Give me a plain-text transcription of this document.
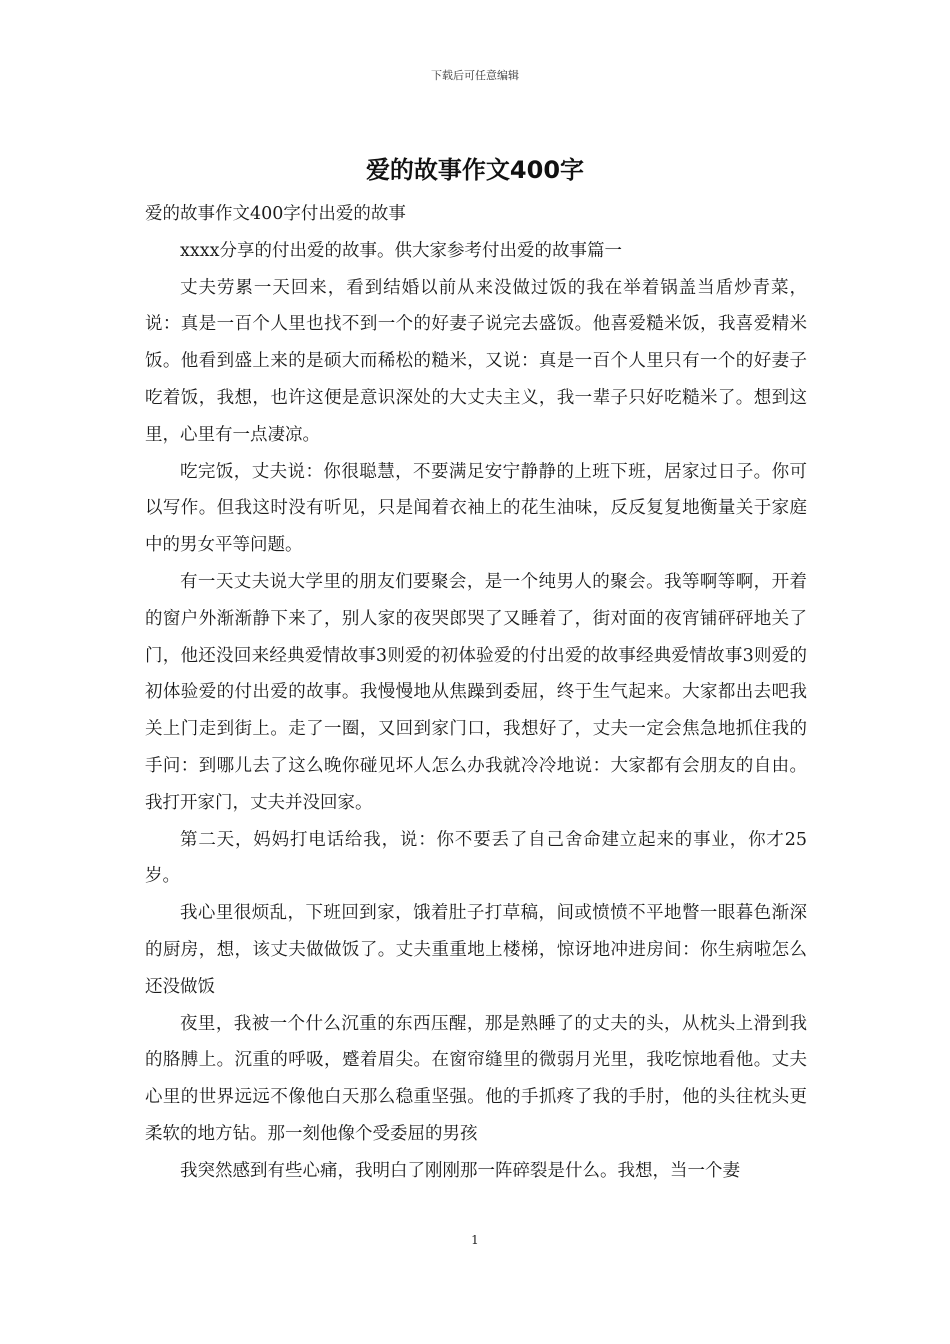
下载后可任意编辑
爱的故事作文400字

爱的故事作文400字付出爱的故事

xxxx分享的付出爱的故事。供大家参考付出爱的故事篇一

丈夫劳累一天回来，看到结婚以前从来没做过饭的我在举着锅盖当盾炒青菜，说：真是一百个人里也找不到一个的好妻子说完去盛饭。他喜爱糙米饭，我喜爱精米饭。他看到盛上来的是硕大而稀松的糙米，又说：真是一百个人里只有一个的好妻子吃着饭，我想，也许这便是意识深处的大丈夫主义，我一辈子只好吃糙米了。想到这里，心里有一点凄凉。

吃完饭，丈夫说：你很聪慧，不要满足安宁静静的上班下班，居家过日子。你可以写作。但我这时没有听见，只是闻着衣袖上的花生油味，反反复复地衡量关于家庭中的男女平等问题。

有一天丈夫说大学里的朋友们要聚会，是一个纯男人的聚会。我等啊等啊，开着的窗户外渐渐静下来了，别人家的夜哭郎哭了又睡着了，街对面的夜宵铺砰砰地关了门，他还没回来经典爱情故事3则爱的初体验爱的付出爱的故事经典爱情故事3则爱的初体验爱的付出爱的故事。我慢慢地从焦躁到委屈，终于生气起来。大家都出去吧我关上门走到街上。走了一圈，又回到家门口，我想好了，丈夫一定会焦急地抓住我的手问：到哪儿去了这么晚你碰见坏人怎么办我就冷冷地说：大家都有会朋友的自由。我打开家门，丈夫并没回家。

第二天，妈妈打电话给我，说：你不要丢了自己舍命建立起来的事业，你才25岁。

我心里很烦乱，下班回到家，饿着肚子打草稿，间或愤愤不平地瞥一眼暮色渐深的厨房，想，该丈夫做做饭了。丈夫重重地上楼梯，惊讶地冲进房间：你生病啦怎么还没做饭

夜里，我被一个什么沉重的东西压醒，那是熟睡了的丈夫的头，从枕头上滑到我的胳膊上。沉重的呼吸，蹙着眉尖。在窗帘缝里的微弱月光里，我吃惊地看他。丈夫心里的世界远远不像他白天那么稳重坚强。他的手抓疼了我的手肘，他的头往枕头更柔软的地方钻。那一刻他像个受委屈的男孩

我突然感到有些心痛，我明白了刚刚那一阵碎裂是什么。我想，当一个妻

1
